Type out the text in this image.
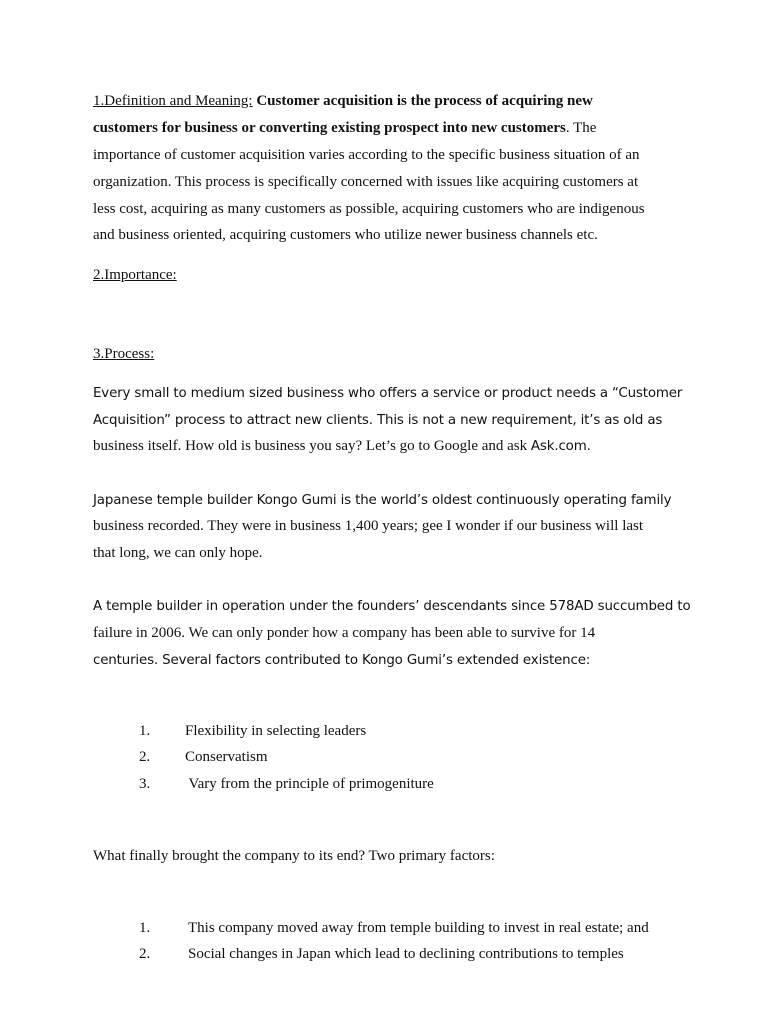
1.Definition and Meaning: Customer acquisition is the process of acquiring new

customers for business or converting existing prospect into new customers. The

importance of customer acquisition varies according to the specific business situation of an

organization. This process is specifically concerned with issues like acquiring customers at

less cost, acquiring as many customers as possible, acquiring customers who are indigenous

and business oriented, acquiring customers who utilize newer business channels etc.

2.Importance:

3.Process:

Every small to medium sized business who offers a service or product needs a “Customer

Acquisition” process to attract new clients. This is not a new requirement, it’s as old as

business itself. How old is business you say? Let’s go to Google and ask Ask.com.

Japanese temple builder Kongo Gumi is the world’s oldest continuously operating family

business recorded. They were in business 1,400 years; gee I wonder if our business will last

that long, we can only hope.

A temple builder in operation under the founders’ descendants since 578AD succumbed to

failure in 2006. We can only ponder how a company has been able to survive for 14

centuries. Several factors contributed to Kongo Gumi’s extended existence:

1. Flexibility in selecting leaders

2. Conservatism

3. Vary from the principle of primogeniture

What finally brought the company to its end? Two primary factors:

1.	This company moved away from temple building to invest in real estate; and

2.	Social changes in Japan which lead to declining contributions to temples
